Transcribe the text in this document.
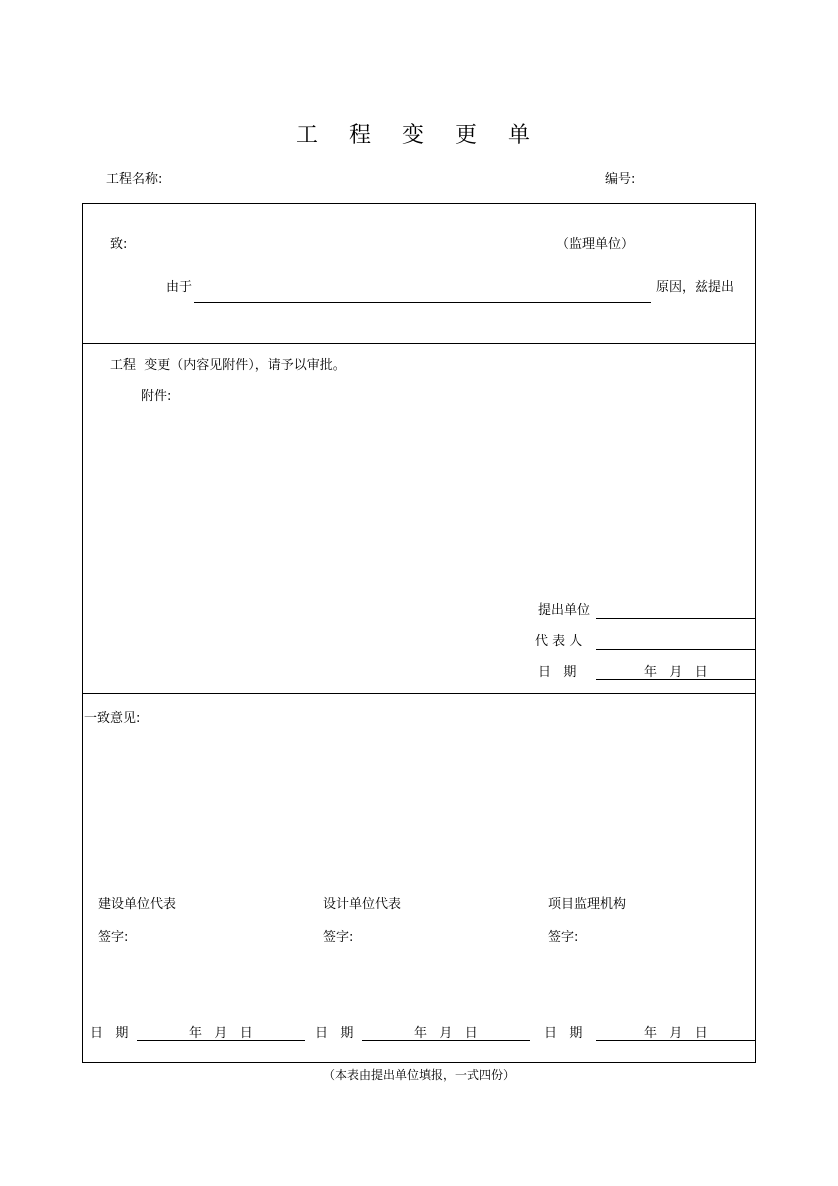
工 程 变 更 单
工程名称:	编号:
致:	（监理单位）
由于	原因，兹提出
工程  变更（内容见附件），请予以审批。
附件:
提出单位
代 表 人
日   期	年   月   日
一致意见:
建设单位代表	设计单位代表	项目监理机构
签字:	签字:	签字:
日   期	年   月   日	日   期	年   月   日	日   期	年   月   日
（本表由提出单位填报，一式四份）
